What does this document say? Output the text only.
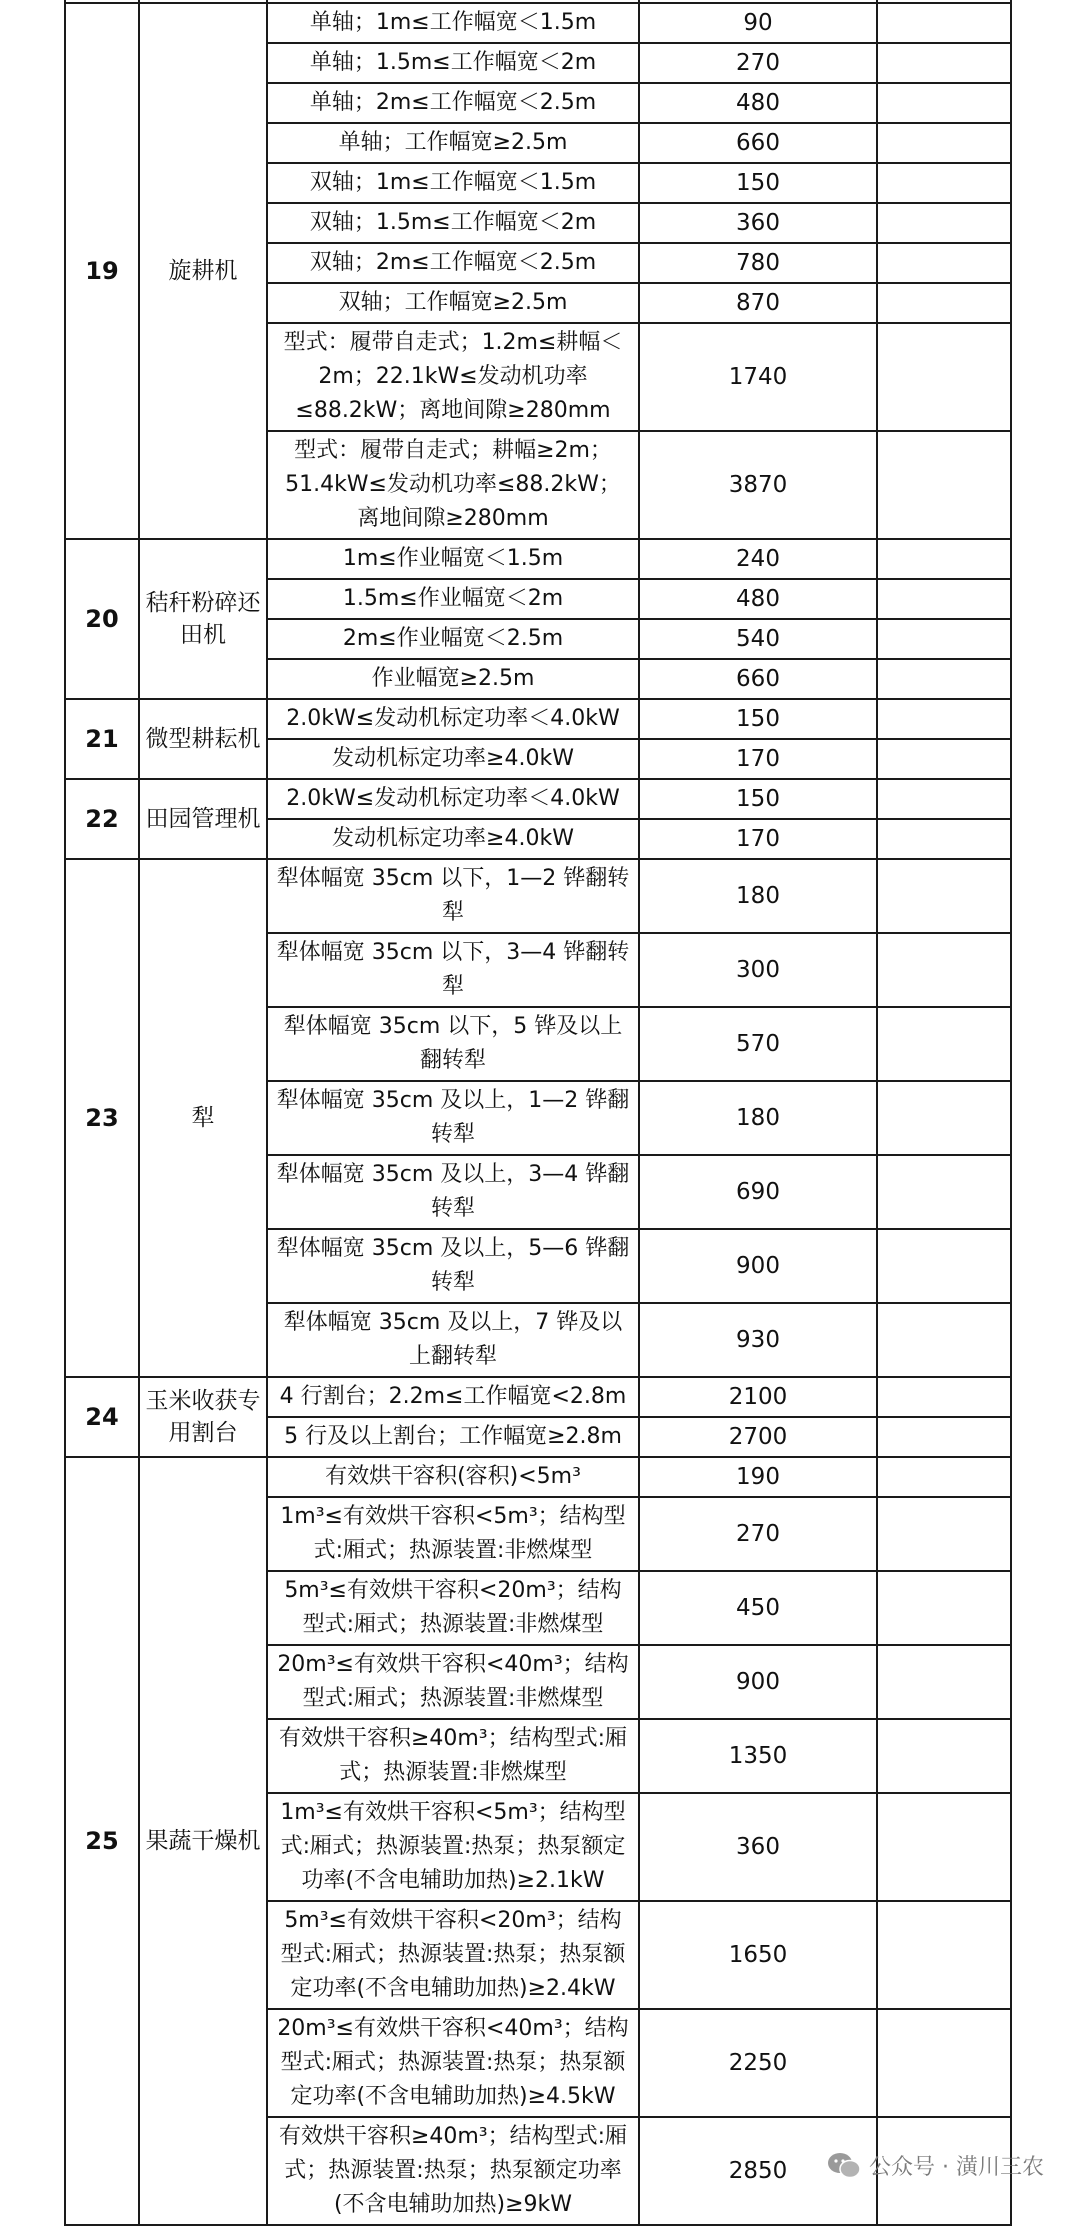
19	旋耕机	单轴；1m≤工作幅宽＜1.5m	90	
		单轴；1.5m≤工作幅宽＜2m	270	
		单轴；2m≤工作幅宽＜2.5m	480	
		单轴；工作幅宽≥2.5m	660	
		双轴；1m≤工作幅宽＜1.5m	150	
		双轴；1.5m≤工作幅宽＜2m	360	
		双轴；2m≤工作幅宽＜2.5m	780	
		双轴；工作幅宽≥2.5m	870	
		型式：履带自走式；1.2m≤耕幅＜2m；22.1kW≤发动机功率≤88.2kW；离地间隙≥280mm	1740	
		型式：履带自走式；耕幅≥2m；51.4kW≤发动机功率≤88.2kW；离地间隙≥280mm	3870	
20	秸秆粉碎还田机	1m≤作业幅宽＜1.5m	240	
		1.5m≤作业幅宽＜2m	480	
		2m≤作业幅宽＜2.5m	540	
		作业幅宽≥2.5m	660	
21	微型耕耘机	2.0kW≤发动机标定功率＜4.0kW	150	
		发动机标定功率≥4.0kW	170	
22	田园管理机	2.0kW≤发动机标定功率＜4.0kW	150	
		发动机标定功率≥4.0kW	170	
23	犁	犁体幅宽 35cm 以下，1—2 铧翻转犁	180	
		犁体幅宽 35cm 以下，3—4 铧翻转犁	300	
		犁体幅宽 35cm 以下，5 铧及以上翻转犁	570	
		犁体幅宽 35cm 及以上，1—2 铧翻转犁	180	
		犁体幅宽 35cm 及以上，3—4 铧翻转犁	690	
		犁体幅宽 35cm 及以上，5—6 铧翻转犁	900	
		犁体幅宽 35cm 及以上，7 铧及以上翻转犁	930	
24	玉米收获专用割台	4 行割台；2.2m≤工作幅宽<2.8m	2100	
		5 行及以上割台；工作幅宽≥2.8m	2700	
25	果蔬干燥机	有效烘干容积(容积)<5m³	190	
		1m³≤有效烘干容积<5m³；结构型式:厢式；热源装置:非燃煤型	270	
		5m³≤有效烘干容积<20m³；结构型式:厢式；热源装置:非燃煤型	450	
		20m³≤有效烘干容积<40m³；结构型式:厢式；热源装置:非燃煤型	900	
		有效烘干容积≥40m³；结构型式:厢式；热源装置:非燃煤型	1350	
		1m³≤有效烘干容积<5m³；结构型式:厢式；热源装置:热泵；热泵额定功率(不含电辅助加热)≥2.1kW	360	
		5m³≤有效烘干容积<20m³；结构型式:厢式；热源装置:热泵；热泵额定功率(不含电辅助加热)≥2.4kW	1650	
		20m³≤有效烘干容积<40m³；结构型式:厢式；热源装置:热泵；热泵额定功率(不含电辅助加热)≥4.5kW	2250	
		有效烘干容积≥40m³；结构型式:厢式；热源装置:热泵；热泵额定功率(不含电辅助加热)≥9kW	2850		公众号 · 潢川三农
